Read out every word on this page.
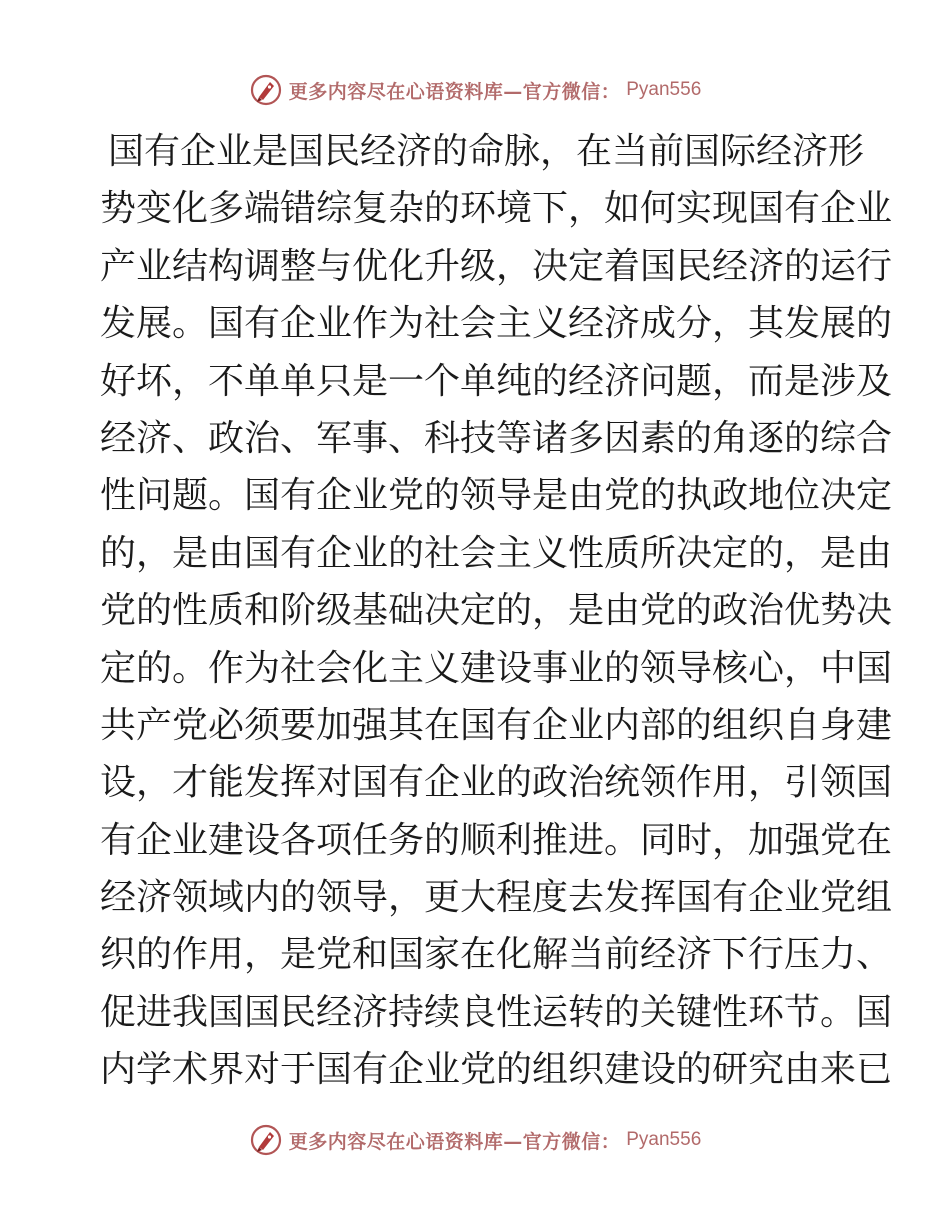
更多内容尽在心语资料库—官方微信： Pyan556
国有企业是国民经济的命脉，在当前国际经济形
势变化多端错综复杂的环境下，如何实现国有企业
产业结构调整与优化升级，决定着国民经济的运行
发展。国有企业作为社会主义经济成分，其发展的
好坏，不单单只是一个单纯的经济问题，而是涉及
经济、政治、军事、科技等诸多因素的角逐的综合
性问题。国有企业党的领导是由党的执政地位决定
的，是由国有企业的社会主义性质所决定的，是由
党的性质和阶级基础决定的，是由党的政治优势决
定的。作为社会化主义建设事业的领导核心，中国
共产党必须要加强其在国有企业内部的组织自身建
设，才能发挥对国有企业的政治统领作用，引领国
有企业建设各项任务的顺利推进。同时，加强党在
经济领域内的领导，更大程度去发挥国有企业党组
织的作用，是党和国家在化解当前经济下行压力、
促进我国国民经济持续良性运转的关键性环节。国
内学术界对于国有企业党的组织建设的研究由来已
更多内容尽在心语资料库—官方微信： Pyan556
